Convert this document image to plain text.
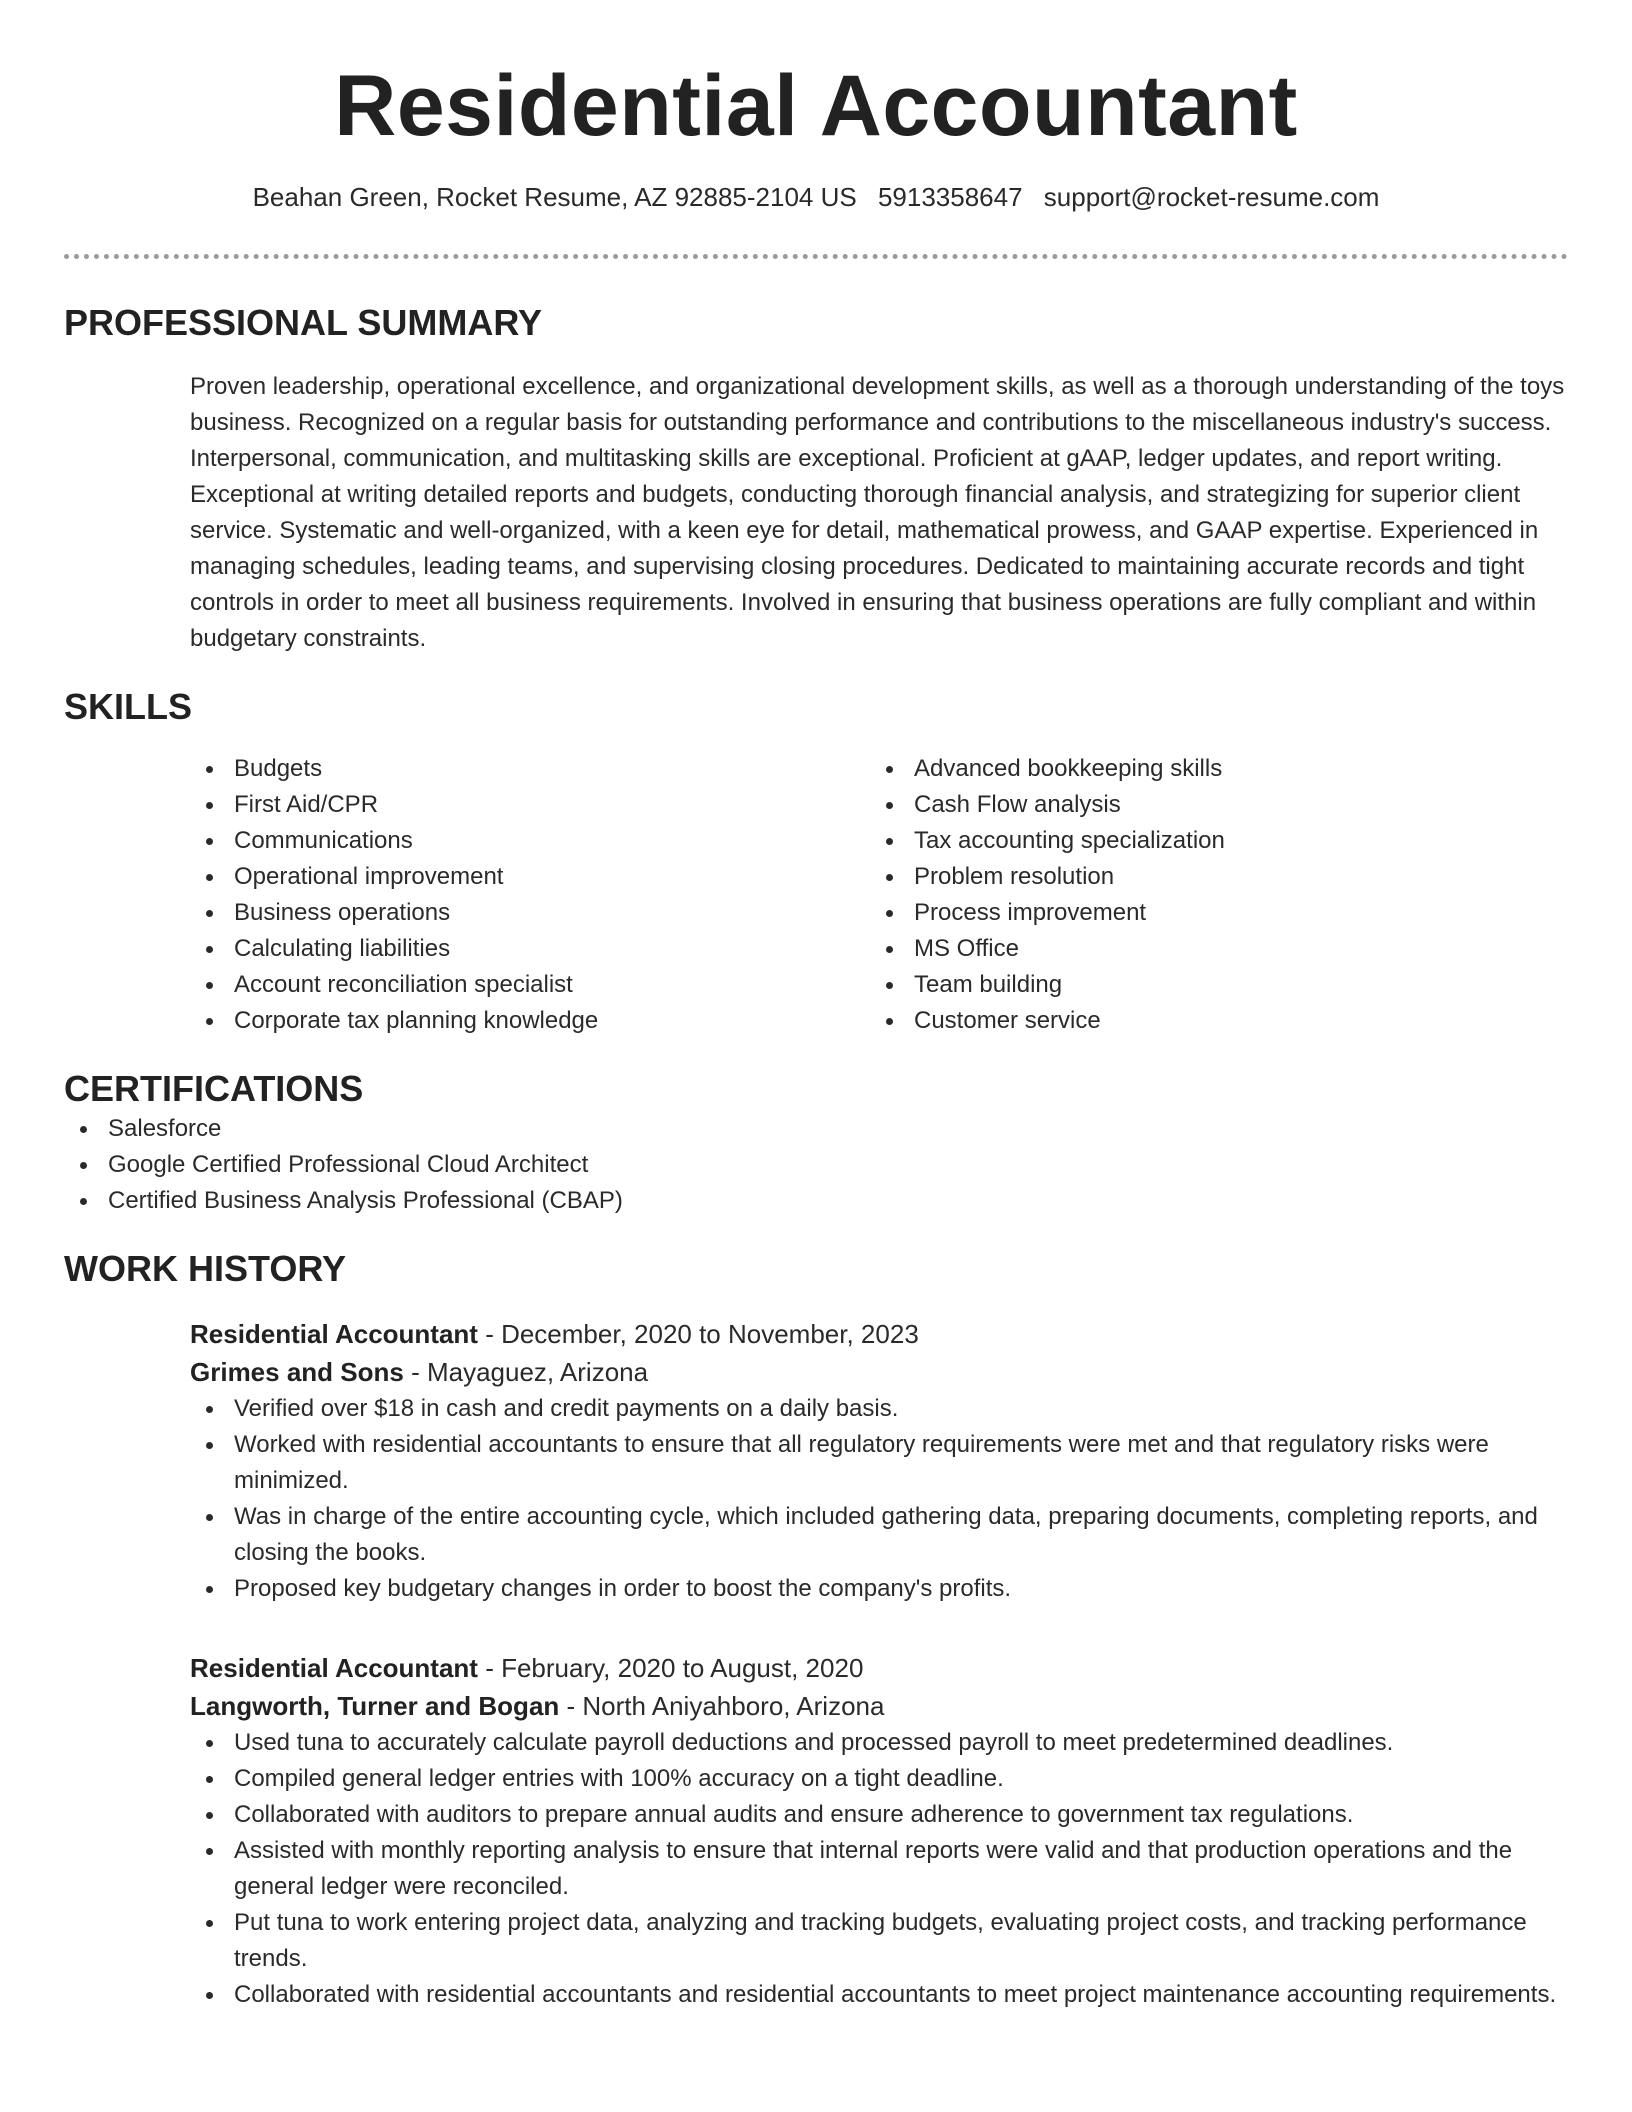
Residential Accountant
Beahan Green, Rocket Resume, AZ 92885-2104 US 5913358647 support@rocket-resume.com
PROFESSIONAL SUMMARY

Proven leadership, operational excellence, and organizational development skills, as well as a thorough understanding of the toys business. Recognized on a regular basis for outstanding performance and contributions to the miscellaneous industry's success. Interpersonal, communication, and multitasking skills are exceptional. Proficient at gAAP, ledger updates, and report writing. Exceptional at writing detailed reports and budgets, conducting thorough financial analysis, and strategizing for superior client service. Systematic and well-organized, with a keen eye for detail, mathematical prowess, and GAAP expertise. Experienced in managing schedules, leading teams, and supervising closing procedures. Dedicated to maintaining accurate records and tight controls in order to meet all business requirements. Involved in ensuring that business operations are fully compliant and within budgetary constraints.

SKILLS
Budgets
First Aid/CPR
Communications
Operational improvement
Business operations
Calculating liabilities
Account reconciliation specialist
Corporate tax planning knowledge
Advanced bookkeeping skills
Cash Flow analysis
Tax accounting specialization
Problem resolution
Process improvement
MS Office
Team building
Customer service
CERTIFICATIONS
Salesforce
Google Certified Professional Cloud Architect
Certified Business Analysis Professional (CBAP)
WORK HISTORY
Residential Accountant - December, 2020 to November, 2023
Grimes and Sons - Mayaguez, Arizona
Verified over $18 in cash and credit payments on a daily basis.
Worked with residential accountants to ensure that all regulatory requirements were met and that regulatory risks were minimized.
Was in charge of the entire accounting cycle, which included gathering data, preparing documents, completing reports, and closing the books.
Proposed key budgetary changes in order to boost the company's profits.
Residential Accountant - February, 2020 to August, 2020
Langworth, Turner and Bogan - North Aniyahboro, Arizona
Used tuna to accurately calculate payroll deductions and processed payroll to meet predetermined deadlines.
Compiled general ledger entries with 100% accuracy on a tight deadline.
Collaborated with auditors to prepare annual audits and ensure adherence to government tax regulations.
Assisted with monthly reporting analysis to ensure that internal reports were valid and that production operations and the general ledger were reconciled.
Put tuna to work entering project data, analyzing and tracking budgets, evaluating project costs, and tracking performance trends.
Collaborated with residential accountants and residential accountants to meet project maintenance accounting requirements.
